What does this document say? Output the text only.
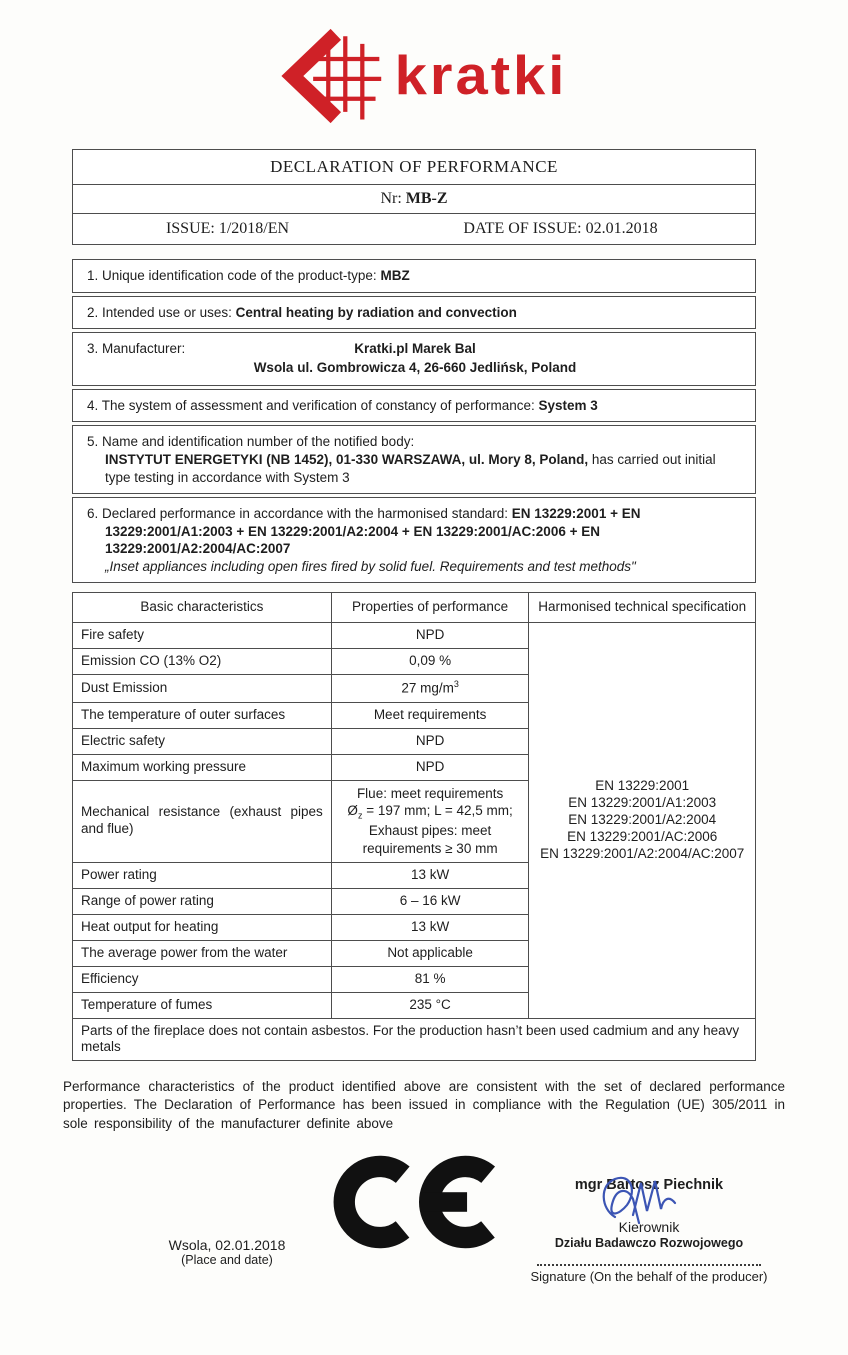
kratki
DECLARATION OF PERFORMANCE
Nr: MB-Z
ISSUE: 1/2018/EN	DATE OF ISSUE: 02.01.2018

1. Unique identification code of the product-type: MBZ

2. Intended use or uses: Central heating by radiation and convection

3. Manufacturer:	Kratki.pl Marek Bal
Wsola ul. Gombrowicza 4, 26-660 Jedlińsk, Poland

4. The system of assessment and verification of constancy of performance: System 3

5. Name and identification number of the notified body:
INSTYTUT ENERGETYKI (NB 1452), 01-330 WARSZAWA, ul. Mory 8, Poland, has carried out initial type testing in accordance with System 3

6. Declared performance in accordance with the harmonised standard: EN 13229:2001 + EN 13229:2001/A1:2003 + EN 13229:2001/A2:2004 + EN 13229:2001/AC:2006 + EN 13229:2001/A2:2004/AC:2007
„Inset appliances including open fires fired by solid fuel. Requirements and test methods"

Basic characteristics	Properties of performance	Harmonised technical specification
Fire safety	NPD	EN 13229:2001
EN 13229:2001/A1:2003
EN 13229:2001/A2:2004
EN 13229:2001/AC:2006
EN 13229:2001/A2:2004/AC:2007

Emission CO (13% O2)	0,09 %	
Dust Emission	27 $mg/m^3$
The temperature of outer surfaces	Meet requirements	
Electric safety	NPD	
Maximum working pressure	NPD	
Mechanical resistance (exhaust pipes and flue)	Flue: meet requirements
$Ø_z = 197$ mm; L = 42,5 mm;
Exhaust pipes: meet
requirements ≥ 30 mm	

Power rating	13 kW	
Range of power rating	6 – 16 kW	
Heat output for heating	13 kW	
The average power from the water	Not applicable	
Efficiency	81 %	
Temperature of fumes	235 °C	
Parts of the fireplace does not contain asbestos. For the production hasn’t been used cadmium and any heavy metals		

Performance characteristics of the product identified above are consistent with the set of declared performance properties. The Declaration of Performance has been issued in compliance with the Regulation (UE) 305/2011 in sole responsibility of the manufacturer definite above

mgr Bartosz Piechnik
Kierownik
Działu Badawczo Rozwojowego
Signature (On the behalf of the producer)
Wsola, 02.01.2018
(Place and date)
